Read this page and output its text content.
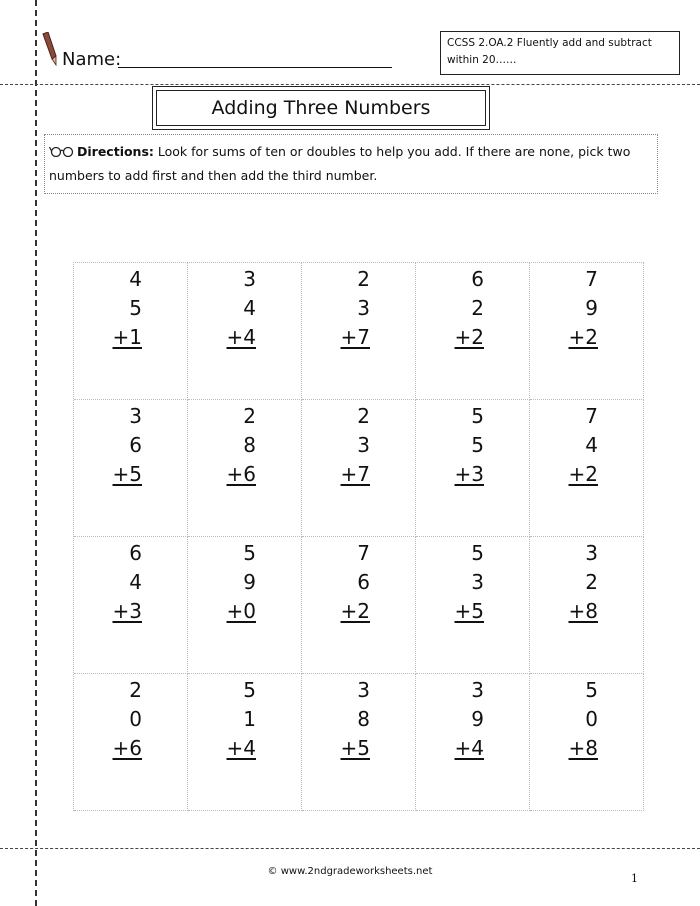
Name:
CCSS 2.OA.2 Fluently add and subtract
within 20……
Adding Three Numbers
Directions: Look for sums of ten or doubles to help you add. If there are none, pick two
numbers to add first and then add the third number.
4
5
+1
3
4
+4
2
3
+7
6
2
+2
7
9
+2
3
6
+5
2
8
+6
2
3
+7
5
5
+3
7
4
+2
6
4
+3
5
9
+0
7
6
+2
5
3
+5
3
2
+8
2
0
+6
5
1
+4
3
8
+5
3
9
+4
5
0
+8
© www.2ndgradeworksheets.net
1
